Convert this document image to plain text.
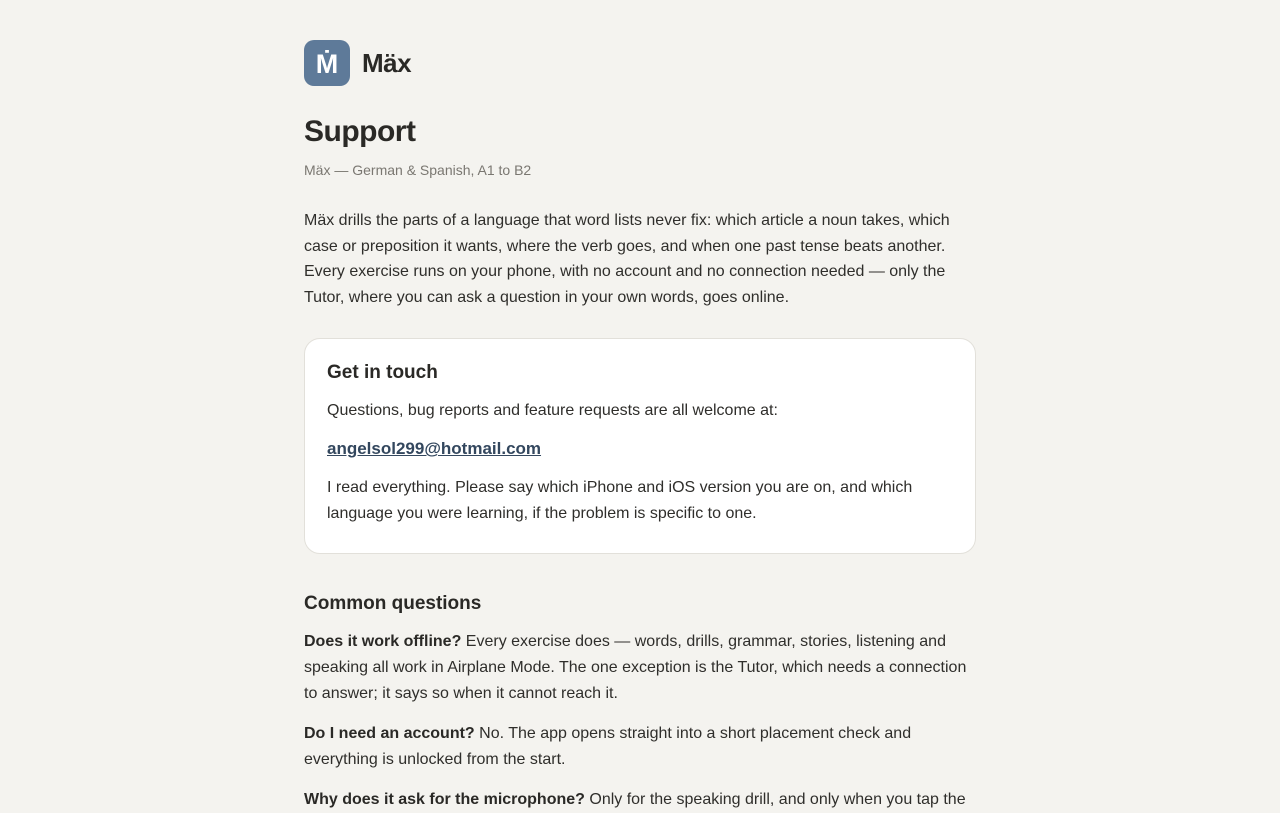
Ṁ Mäx
Support
Mäx — German & Spanish, A1 to B2
Mäx drills the parts of a language that word lists never fix: which article a noun takes, which case or preposition it wants, where the verb goes, and when one past tense beats another. Every exercise runs on your phone, with no account and no connection needed — only the Tutor, where you can ask a question in your own words, goes online.
Get in touch

Questions, bug reports and feature requests are all welcome at:

angelsol299@hotmail.com

I read everything. Please say which iPhone and iOS version you are on, and which language you were learning, if the problem is specific to one.

Common questions

Does it work offline? Every exercise does — words, drills, grammar, stories, listening and speaking all work in Airplane Mode. The one exception is the Tutor, which needs a connection to answer; it says so when it cannot reach it.

Do I need an account? No. The app opens straight into a short placement check and everything is unlocked from the start.

Why does it ask for the microphone? Only for the speaking drill, and only when you tap the
